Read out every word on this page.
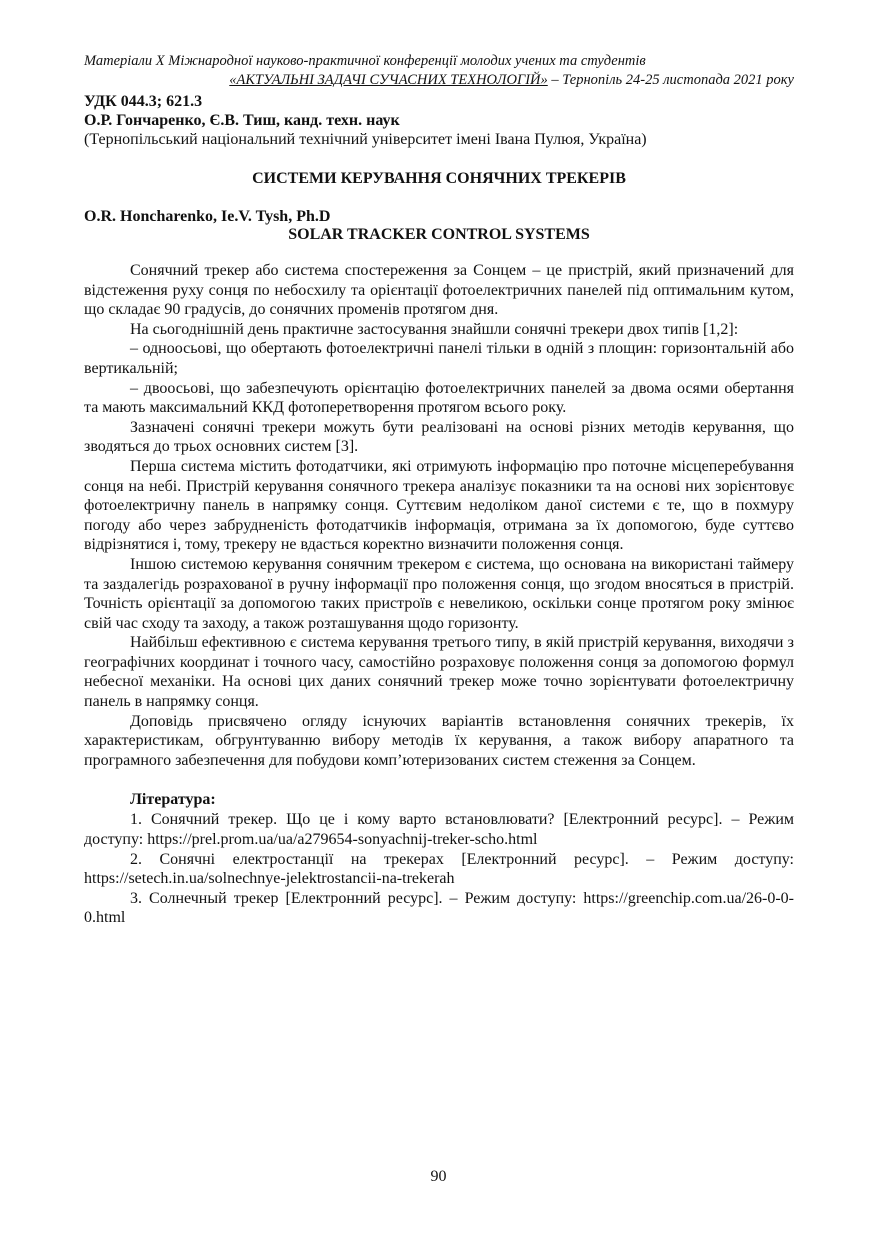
Матеріали X Міжнародної науково-практичної конференції молодих учених та студентів
«АКТУАЛЬНІ ЗАДАЧІ СУЧАСНИХ ТЕХНОЛОГІЙ» – Тернопіль 24-25 листопада 2021 року
УДК 044.3; 621.3
О.Р. Гончаренко, Є.В. Тиш, канд. техн. наук
(Тернопільський національний технічний університет імені Івана Пулюя, Україна)
СИСТЕМИ КЕРУВАННЯ СОНЯЧНИХ ТРЕКЕРІВ
O.R. Honcharenko, Ie.V. Tysh, Ph.D
SOLAR TRACKER CONTROL SYSTEMS

Сонячний трекер або система спостереження за Сонцем – це пристрій, який призначений для відстеження руху сонця по небосхилу та орієнтації фотоелектричних панелей під оптимальним кутом, що складає 90 градусів, до сонячних променів протягом дня.

На сьогоднішній день практичне застосування знайшли сонячні трекери двох типів [1,2]:

– одноосьові, що обертають фотоелектричні панелі тільки в одній з площин: горизонтальній або вертикальній;

– двоосьові, що забезпечують орієнтацію фотоелектричних панелей за двома осями обертання та мають максимальний ККД фотоперетворення протягом всього року.

Зазначені сонячні трекери можуть бути реалізовані на основі різних методів керування, що зводяться до трьох основних систем [3].

Перша система містить фотодатчики, які отримують інформацію про поточне місцеперебування сонця на небі. Пристрій керування сонячного трекера аналізує показники та на основі них зорієнтовує фотоелектричну панель в напрямку сонця. Суттєвим недоліком даної системи є те, що в похмуру погоду або через забрудненість фотодатчиків інформація, отримана за їх допомогою, буде суттєво відрізнятися і, тому, трекеру не вдасться коректно визначити положення сонця.

Іншою системою керування сонячним трекером є система, що основана на використані таймеру та заздалегідь розрахованої в ручну інформації про положення сонця, що згодом вносяться в пристрій. Точність орієнтації за допомогою таких пристроїв є невеликою, оскільки сонце протягом року змінює свій час сходу та заходу, а також розташування щодо горизонту.

Найбільш ефективною є система керування третього типу, в якій пристрій керування, виходячи з географічних координат і точного часу, самостійно розраховує положення сонця за допомогою формул небесної механіки. На основі цих даних сонячний трекер може точно зорієнтувати фотоелектричну панель в напрямку сонця.

Доповідь присвячено огляду існуючих варіантів встановлення сонячних трекерів, їх характеристикам, обгрунтуванню вибору методів їх керування, а також вибору апаратного та програмного забезпечення для побудови комп’ютеризованих систем стеження за Сонцем.

Література:

1. Сонячний трекер. Що це і кому варто встановлювати? [Електронний ресурс]. – Режим доступу: https://prel.prom.ua/ua/a279654-sonyachnij-treker-scho.html

2. Сонячні електростанції на трекерах [Електронний ресурс]. – Режим доступу: https://setech.in.ua/solnechnye-jelektrostancii-na-trekerah

3. Солнечный трекер [Електронний ресурс]. – Режим доступу: https://greenchip.com.ua/26-0-0-0.html

90
